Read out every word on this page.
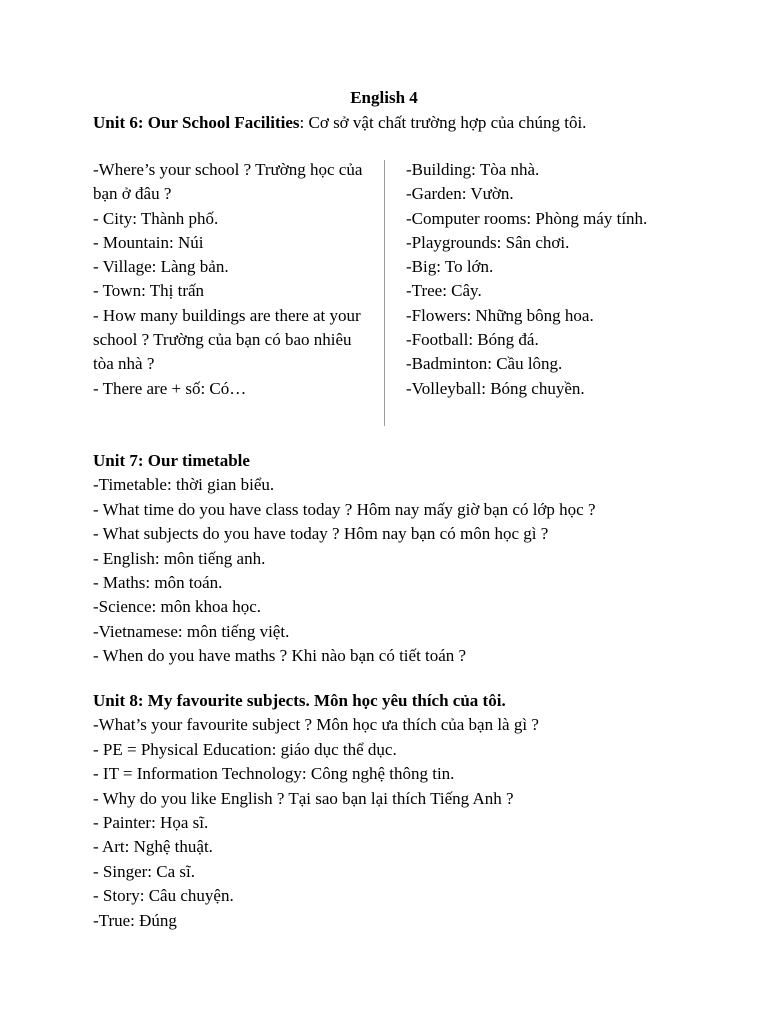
English 4
Unit 6: Our School Facilities: Cơ sở vật chất trường hợp của chúng tôi.
-Where’s your school ? Trường học của bạn ở đâu ?
- City: Thành phố.
- Mountain: Núi
- Village: Làng bản.
- Town: Thị trấn
- How many buildings are there at your school ? Trường của bạn có bao nhiêu tòa nhà ?
- There are + số: Có…
-Building: Tòa nhà.
-Garden: Vườn.
-Computer rooms: Phòng máy tính.
-Playgrounds: Sân chơi.
-Big: To lớn.
-Tree: Cây.
-Flowers: Những bông hoa.
-Football: Bóng đá.
-Badminton: Cầu lông.
-Volleyball: Bóng chuyền.
Unit 7: Our timetable
-Timetable: thời gian biểu.
- What time do you have class today ? Hôm nay mấy giờ bạn có lớp học ?
- What subjects do you have today ? Hôm nay bạn có môn học gì ?
- English: môn tiếng anh.
- Maths: môn toán.
-Science: môn khoa học.
-Vietnamese: môn tiếng việt.
- When do you have maths ? Khi nào bạn có tiết toán ?
Unit 8: My favourite subjects. Môn học yêu thích của tôi.
-What’s your favourite subject ? Môn học ưa thích của bạn là gì ?
- PE = Physical Education: giáo dục thể dục.
- IT = Information Technology: Công nghệ thông tin.
- Why do you like English ? Tại sao bạn lại thích Tiếng Anh ?
- Painter: Họa sĩ.
- Art: Nghệ thuật.
- Singer: Ca sĩ.
- Story: Câu chuyện.
-True: Đúng
